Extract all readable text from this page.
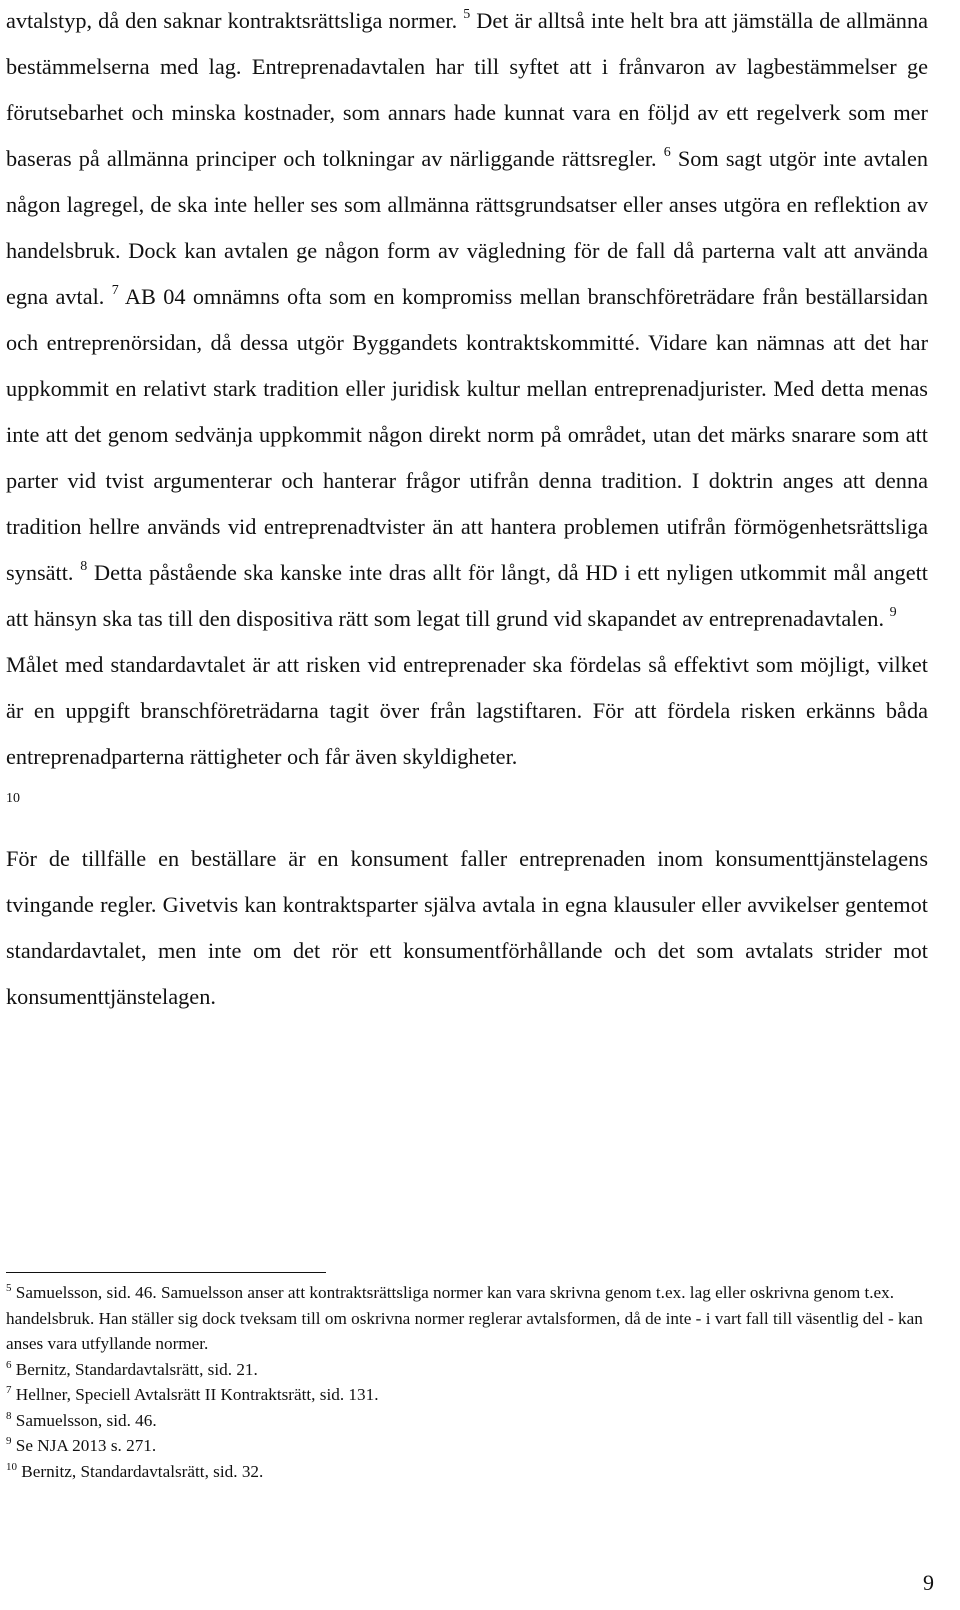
avtalstyp, då den saknar kontraktsrättsliga normer. $^5$ Det är alltså inte helt bra att jämställa de allmänna bestämmelserna med lag. Entreprenadavtalen har till syftet att i frånvaron av lagbestämmelser ge förutsebarhet och minska kostnader, som annars hade kunnat vara en följd av ett regelverk som mer baseras på allmänna principer och tolkningar av närliggande rättsregler. $^6$ Som sagt utgör inte avtalen någon lagregel, de ska inte heller ses som allmänna rättsgrundsatser eller anses utgöra en reflektion av handelsbruk. Dock kan avtalen ge någon form av vägledning för de fall då parterna valt att använda egna avtal. $^7$ AB 04 omnämns ofta som en kompromiss mellan branschföreträdare från beställarsidan och entreprenörsidan, då dessa utgör Byggandets kontraktskommitté. Vidare kan nämnas att det har uppkommit en relativt stark tradition eller juridisk kultur mellan entreprenadjurister. Med detta menas inte att det genom sedvänja uppkommit någon direkt norm på området, utan det märks snarare som att parter vid tvist argumenterar och hanterar frågor utifrån denna tradition. I doktrin anges att denna tradition hellre används vid entreprenadtvister än att hantera problemen utifrån förmögenhetsrättsliga synsätt. $^8$ Detta påstående ska kanske inte dras allt för långt, då HD i ett nyligen utkommit mål angett att hänsyn ska tas till den dispositiva rätt som legat till grund vid skapandet av entreprenadavtalen. $^9$

Målet med standardavtalet är att risken vid entreprenader ska fördelas så effektivt som möjligt, vilket är en uppgift branschföreträdarna tagit över från lagstiftaren. För att fördela risken erkänns båda entreprenadparterna rättigheter och får även skyldigheter.
$^{10}$

För de tillfälle en beställare är en konsument faller entreprenaden inom konsumenttjänstelagens tvingande regler. Givetvis kan kontraktsparter själva avtala in egna klausuler eller avvikelser gentemot standardavtalet, men inte om det rör ett konsumentförhållande och det som avtalats strider mot konsumenttjänstelagen.

$^5$ Samuelsson, sid. 46. Samuelsson anser att kontraktsrättsliga normer kan vara skrivna genom t.ex. lag eller oskrivna genom t.ex. handelsbruk. Han ställer sig dock tveksam till om oskrivna normer reglerar avtalsformen, då de inte - i vart fall till väsentlig del - kan anses vara utfyllande normer.

$^6$ Bernitz, Standardavtalsrätt, sid. 21.

$^7$ Hellner, Speciell Avtalsrätt II Kontraktsrätt, sid. 131.

$^8$ Samuelsson, sid. 46.

$^9$ Se NJA 2013 s. 271.

$^{10}$ Bernitz, Standardavtalsrätt, sid. 32.

9
